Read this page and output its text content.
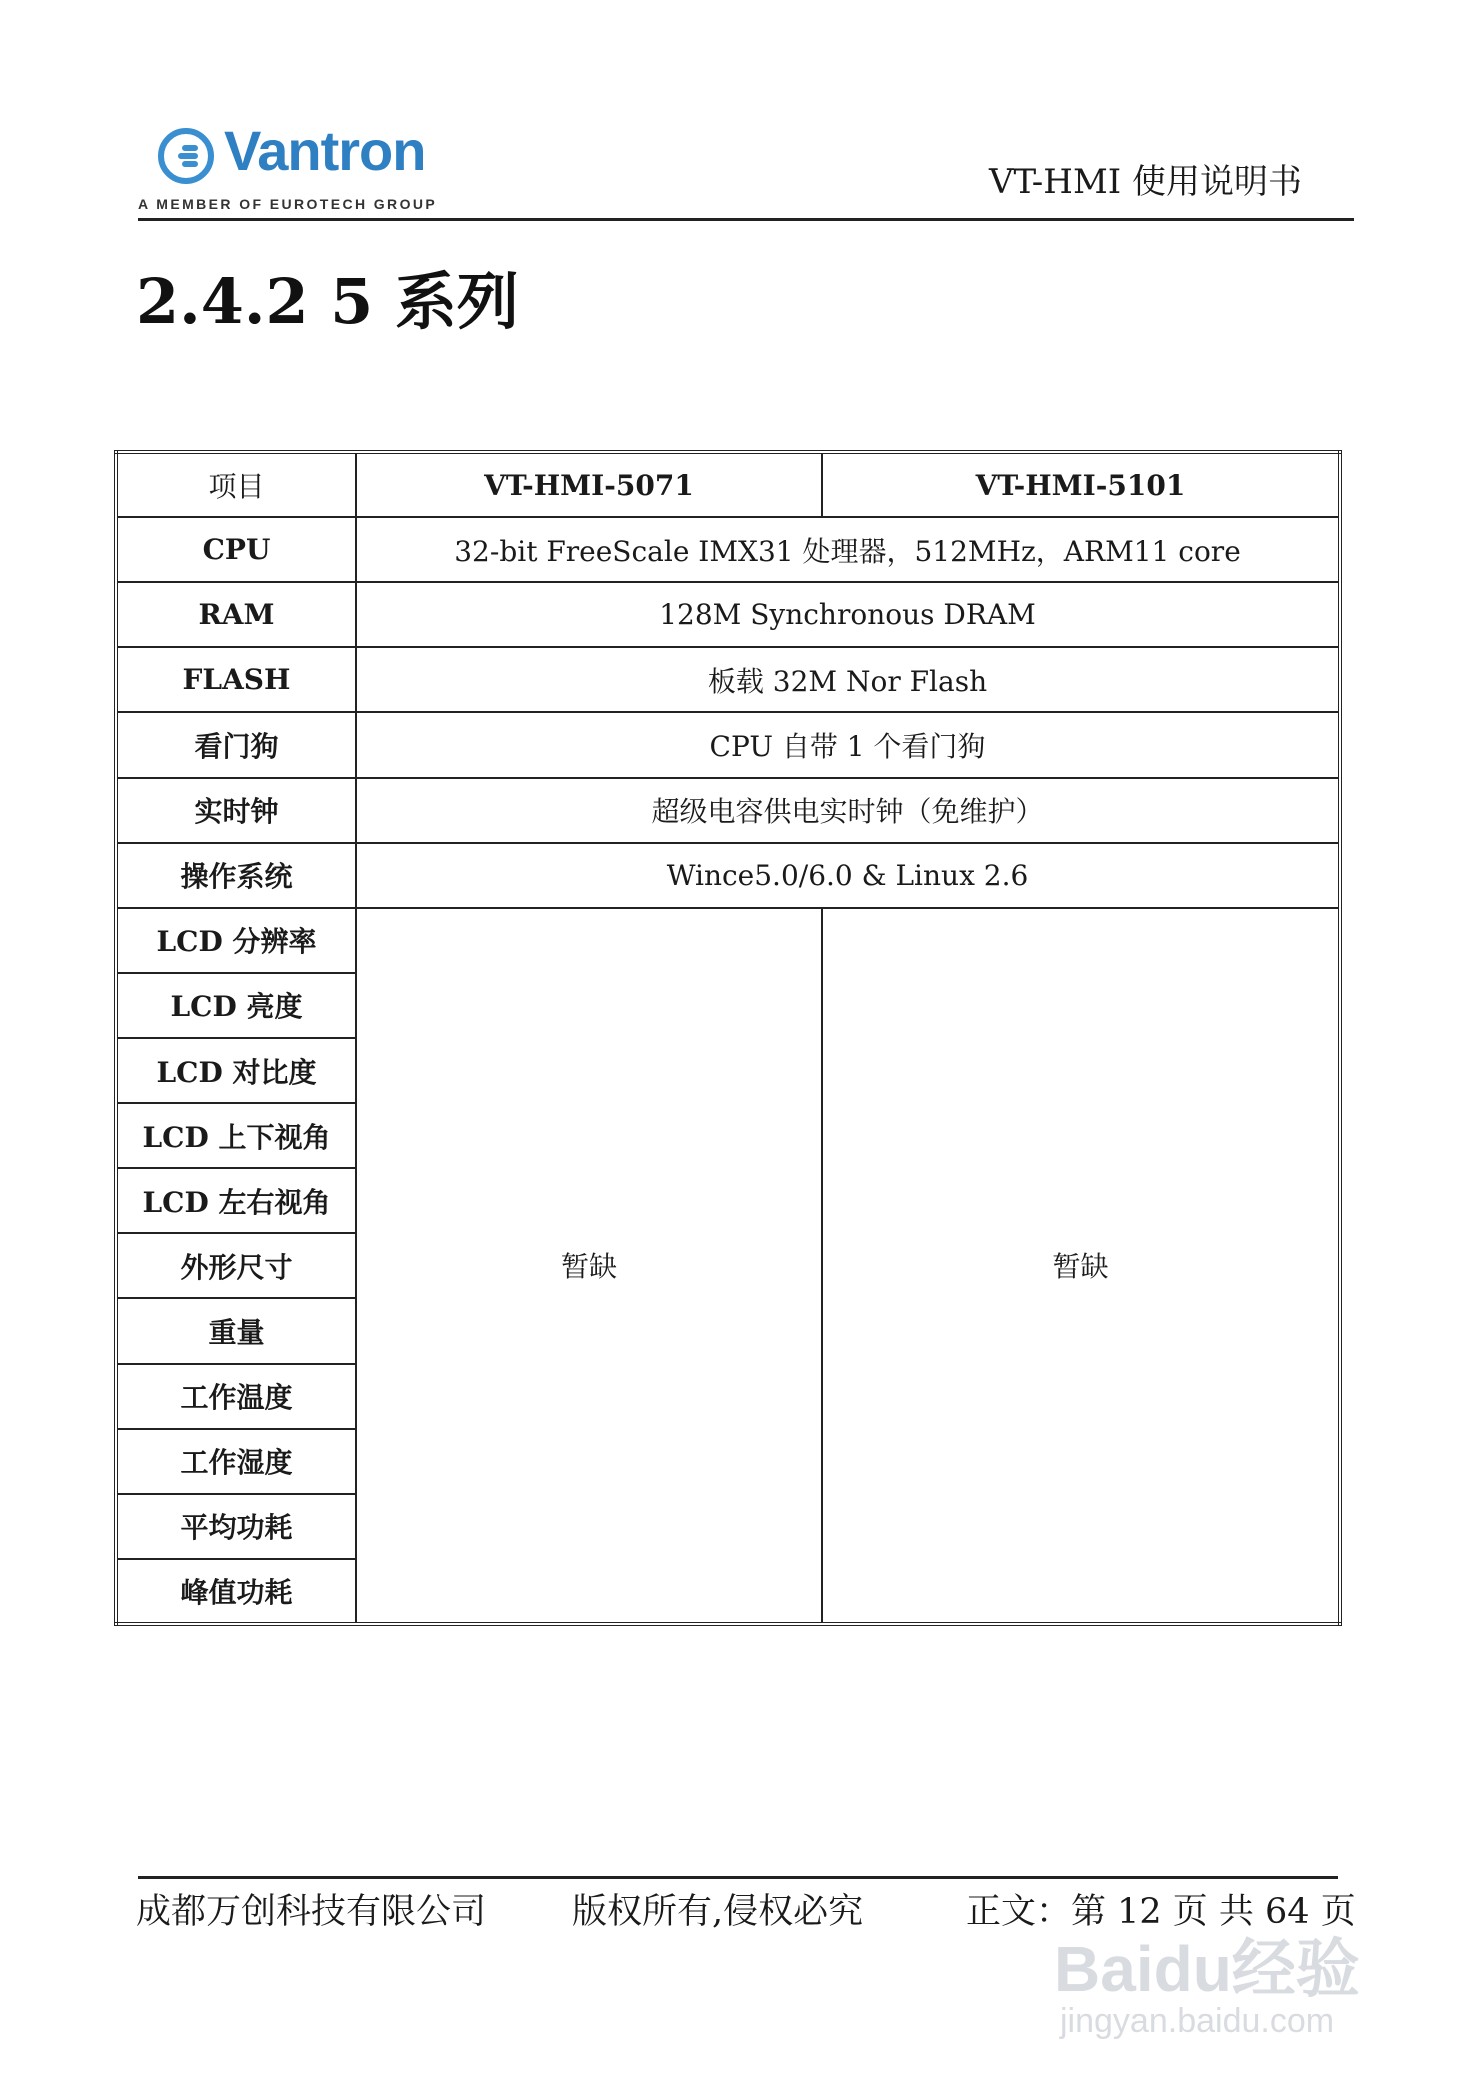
Vantron
A MEMBER OF EUROTECH GROUP
VT-HMI 使用说明书
2.4.2 5 系列
项目	VT-HMI-5071	VT-HMI-5101
CPU	32-bit FreeScale IMX31 处理器，512MHz，ARM11 core	
RAM	128M Synchronous DRAM	
FLASH	板载 32M Nor Flash	
看门狗	CPU 自带 1 个看门狗	
实时钟	超级电容供电实时钟（免维护）	
操作系统	Wince5.0/6.0 & Linux 2.6	
LCD 分辨率	暂缺	暂缺
LCD 亮度		
LCD 对比度		
LCD 上下视角		
LCD 左右视角		
外形尺寸		
重量		
工作温度		
工作湿度		
平均功耗		
峰值功耗		
成都万创科技有限公司 版权所有,侵权必究	正文：第 12 页 共 64 页
Baidu经验
jingyan.baidu.com
